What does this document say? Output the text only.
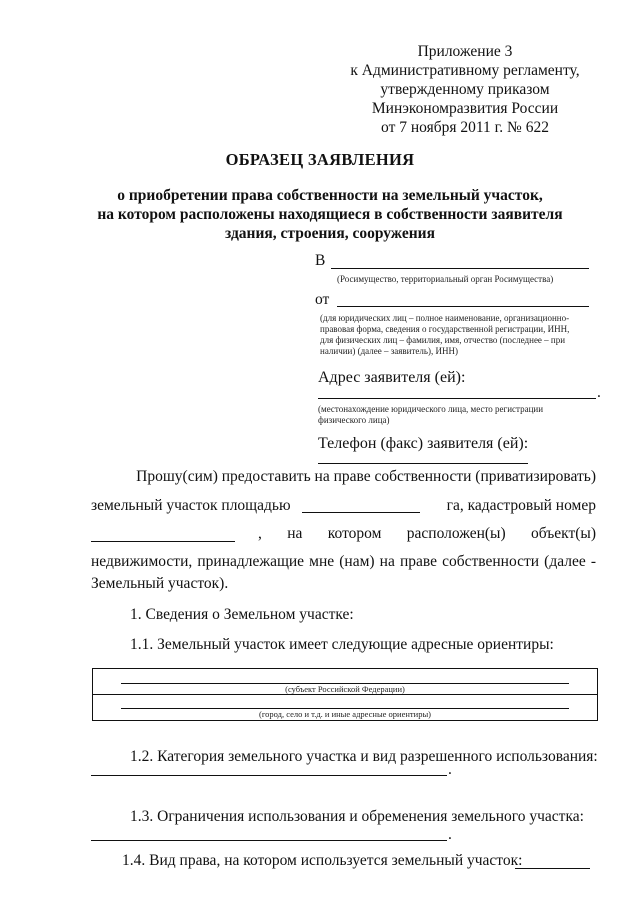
Приложение 3
к Административному регламенту,
утвержденному приказом
Минэкономразвития России
от 7 ноября 2011 г. № 622
ОБРАЗЕЦ ЗАЯВЛЕНИЯ
о приобретении права собственности на земельный участок,
на котором расположены находящиеся в собственности заявителя
здания, строения, сооружения
В
(Росимущество, территориальный орган Росимущества)
от
(для юридических лиц – полное наименование, организационно-
правовая форма, сведения о государственной регистрации, ИНН,
для физических лиц – фамилия, имя, отчество (последнее – при
наличии) (далее – заявитель), ИНН)
Адрес заявителя (ей):
.
(местонахождение юридического лица, место регистрации
физического лица)
Телефон (факс) заявителя (ей):
Прошу(сим) предоставить на праве собственности (приватизировать)
земельный участок площадью	га, кадастровый номер
, на котором расположен(ы) объект(ы)
недвижимости, принадлежащие мне (нам) на праве собственности (далее -
Земельный участок).
1. Сведения о Земельном участке:
1.1. Земельный участок имеет следующие адресные ориентиры:
(субъект Российской Федерации)
(город, село и т.д. и иные адресные ориентиры)
1.2. Категория земельного участка и вид разрешенного использования:
.
1.3. Ограничения использования и обременения земельного участка:
.
1.4. Вид права, на котором используется земельный участок:
